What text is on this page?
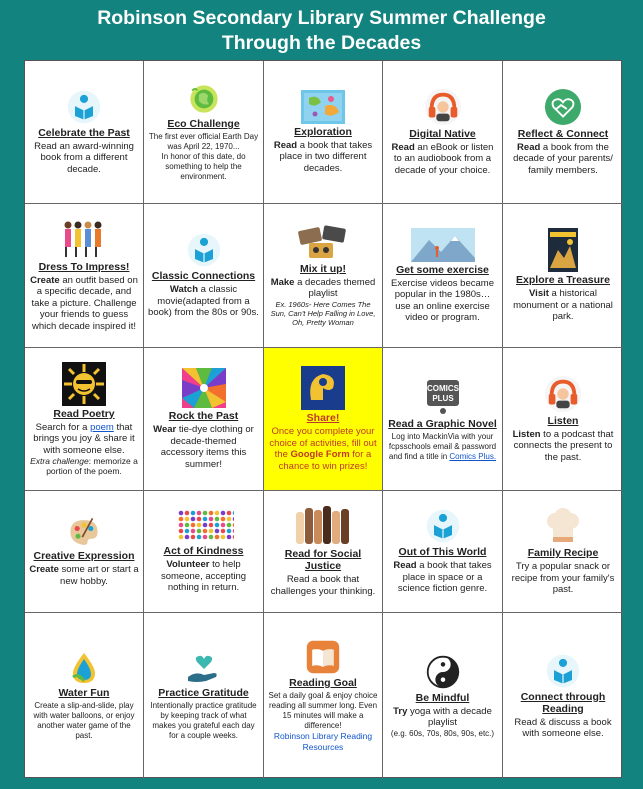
Robinson Secondary Library Summer Challenge
Through the Decades
Celebrate the Past
Read an award-winning book from a different decade.
Eco Challenge
The first ever official Earth Day was April 22, 1970...
In honor of this date, do something to help the environment.
Exploration
Read a book that takes place in two different decades.
Digital Native
Read an eBook or listen to an audiobook from a decade of your choice.
Reflect & Connect
Read a book from the decade of your parents/ family members.
Dress To Impress!
Create an outfit based on a specific decade, and take a picture. Challenge your friends to guess which decade inspired it!
Classic Connections
Watch a classic movie(adapted from a book) from the 80s or 90s.
Mix it up!
Make a decades themed playlist
Ex. 1960s- Here Comes The Sun, Can't Help Falling in Love, Oh, Pretty Woman
Get some exercise
Exercise videos became popular in the 1980s… use an online exercise video or program.
Explore a Treasure
Visit a historical monument or a national park.
Read Poetry
Search for a poem that brings you joy & share it with someone else.
Extra challenge: memorize a portion of the poem.
Rock the Past
Wear tie-dye clothing or decade-themed accessory items this summer!
Share!
Once you complete your choice of activities, fill out the Google Form for a chance to win prizes!
COMICS
PLUS
Read a Graphic Novel
Log into MackinVia with your fcpsschools email & password and find a title in Comics Plus.
Listen
Listen to a podcast that connects the present to the past.
Creative Expression
Create some art or start a new hobby.
Act of Kindness
Volunteer to help someone, accepting nothing in return.
Read for Social Justice
Read a book that challenges your thinking.
Out of This World
Read a book that takes place in space or a science fiction genre.
Family Recipe
Try a popular snack or recipe from your family's past.
Water Fun
Create a slip-and-slide, play with water balloons, or enjoy another water game of the past.
Practice Gratitude
Intentionally practice gratitude by keeping track of what makes you grateful each day for a couple weeks.
Reading Goal
Set a daily goal & enjoy choice reading all summer long. Even 15 minutes will make a difference!
Robinson Library Reading Resources
Be Mindful
Try yoga with a decade playlist
(e.g. 60s, 70s, 80s, 90s, etc.)
Connect through Reading
Read & discuss a book with someone else.
